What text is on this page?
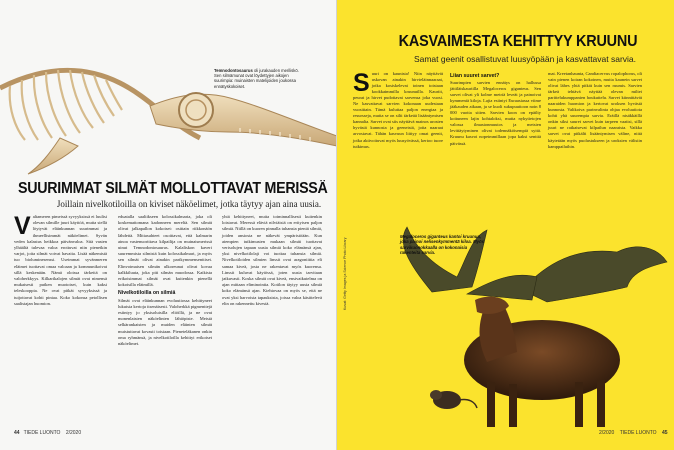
Temnodontosaurus oli jurakauden meriliskö. Sen silmämunat ovat löydettyjen aikojen suurimpia: muinaisten matelijoiden joukossa ennätyskokoiset.
SUURIMMAT SILMÄT MOLLOTTAVAT MERISSÄ
Joillain nivelkotiloilla on kiviset näköelimet, jotka täytyy ajan aina uusia.
Valtameren pimeissä syvyyksissä ei luulisi olevan silmille juuri käyttöä, mutta siellä löytyvät eläinkunnan suurimmat ja ihmeellisimmät näköelimet. Syvän veden kalastus heikkoa päivänvaloa. Sitä vasten ylhäältä tulevaa valoa erottuvat niin pienetkin varjot, joita silmät voivat havaita. Lisää näkemistä tuo bioluminesenssi. Useimmat syvänmeren eläimet tuottavat omaa valoaan ja kommunikoivat sillä keskenään. Nämä oloissa tärkeitä on valoherkkyys. Kilkarikalojen silmät ovat nimensä mukaisesti putken muotoiset, kuin kaksi teleskooppia. Ne ovat pitkät syvyyksissä ja tuijottavat kohti pintaa. Koko kokonsa petollisen saalistajan huomion.

eduatalla saaliikseen kolossikalmaria, joka oli koskemattomana kadonneen mereltä. Sen silmät olivat jalkapallon kokoiset: osittain riikkonäön lähdettä. Mittasuhteet osoittavat, että kalmarin ainoa vastenuorittava kilpailija on muinaismerissä uinut Temnodontosaurus. Kalaliskon kaveri suuremmista silmistä kuin kolossikalmari, ja myös sen silmät olivat ainakin parikymmensenttiset. Elinvoimaisen silmän ulkoreunat olivat kovaa kalkkiluuta, joka piti silmän muodossa. Kaikista erikoisimmat silmät ovat kuitenkin pienellä kokoisilla eläimillä.

Nivelkotiloilla on silmiä

Silmät ovat eläinkunnan evoluutiossa kehittyneet lukuisia kertoja itsenäisesti. Valoherkkä pigmenttejä esiintyy jo yksisoluisilla eliöillä, ja ne ovat monenlaisten näköelinten lähtöpiste. Meistä selkärankaisten ja muiden eläinten silmät muistuttavat kovasti toisiaan. Pieneteläkanen onkin oma ryhmänsä, ja nivelkotiloilla kehittyi erikoiset näköelimet.

yhtä kehittyneet, mutta toiminnallisesti kuitenkin loistavat. Meressä eläviä nilviäisiä on erityisen paljon silmiä. Niillä on kuoren pinnalla tuhansia pieniä silmiä, joiden ansiosta ne näkevät ympäristöään. Kun aiempien tutkimusten mukaan silmät tuottavat verisolujen tapaan uusia silmiä koko elämänsä ajan, yksi nivelkotilolaji voi tuottaa tuhansia silmiä. Nivelkotiloiden silmien linssit ovat aragoniittia eli samaa kiveä, josta ne rakentavat myös kuorensa. Linssit kuluvat käytössä, joten uusia tarvitaan jatkuvasti. Koska silmät ovat kiveä, ensivaikutelma on ajan mittaan eliminointia. Kotilon täytyy uusia silmiä koko elämänsä ajan. Kiehtovaa on myös se, että ne ovat yksi harvoista tapauksista, joissa valoa käsittelevä elin on rakennettu kivestä.

44 TIEDE LUONTO 2/2020
KASVAIMESTA KEHITTYY KRUUNU
Samat geenit osallistuvat luusyöpään ja kasvattavat sarvia.
Suuri on kaunista! Niin näyttävät uskovan ainakin hirvieläinnaaraat, jotka kosiskelevat toinen toistaan kookkaimmilla kruunuilla. Kauriit, peurat ja hirvet pudottavat sarvensa joka vuosi. Ne kasvattavat sarvien kokonaan uudestaan vuosittain. Tämä kuluttaa paljon energiaa ja resursseja, mutta se on silti tärkeää lisääntymisen kannalta. Sarvet ovat siis näyttävä mainos urosten hyvästä kunnosta ja geeneistä, joita naaraat arvostavat. Tähän kasvuun liittyy omat geenit, jotka aktivoituvat myös luusyövässä, kertoo tuore tutkimus.

Liian suuret sarvet?

Suurimpien sarvien ennätys on hallussa jättiläiskauriilla Megaloceros giganteus. Sen sarvet olivat yli kolme metriä leveät ja painoivat kymmeniä kiloja. Lajia esiintyi Euraasiassa viime jääkauden aikaan, ja se kuoli sukupuuttoon noin 8 000 vuotta sitten. Sarvien koon on epäilty koituneen lajin kohtaloksi, mutta nykytietojen valossa ilmastonmuutos ja metsien levittäytyminen olivat todennäköisempiä syitä. Kruunu kasvoi nopeimmillaan jopa kaksi senttiä päivässä.

mat. Kreetanhaunta, Candiacervus ropalophorus, oli vain pienen koiran kokoinen, mutta kaunein sarvet olivat lähes yhtä pitkät kuin sen ruumis. Sarvien tärkeä tehtävä näyttää olevan miltei parittelukumppanien houkuttelu. Sarvet kiinnittävät naaraiden huomion ja kertovat uroksen hyvästä kunnosta. Valikoiva parinvalinta ohjaa evoluutiota kohti yhä suurempia sarvia. Eräillä nisäkkäillä onkin siksi suuret sarvet kuin tarpeen vaatisi, sillä juuri ne ratkaisevat kilpailun naaraista. Vaikka sarvet ovat pitkälti lisääntymisen väline, niitä käytetään myös puolustukseen ja uroksien välisiin kamppailuihin.

Megaloceros giganteus kantoi kruunua, joka painoi nelisenkymmentä kiloa. Myös sarvikuonokkaalla on kokonaisia rakenteita sarvia.
Kuvat: Getty Images ja Science Photo Library
2/2020 TIEDE LUONTO 45
